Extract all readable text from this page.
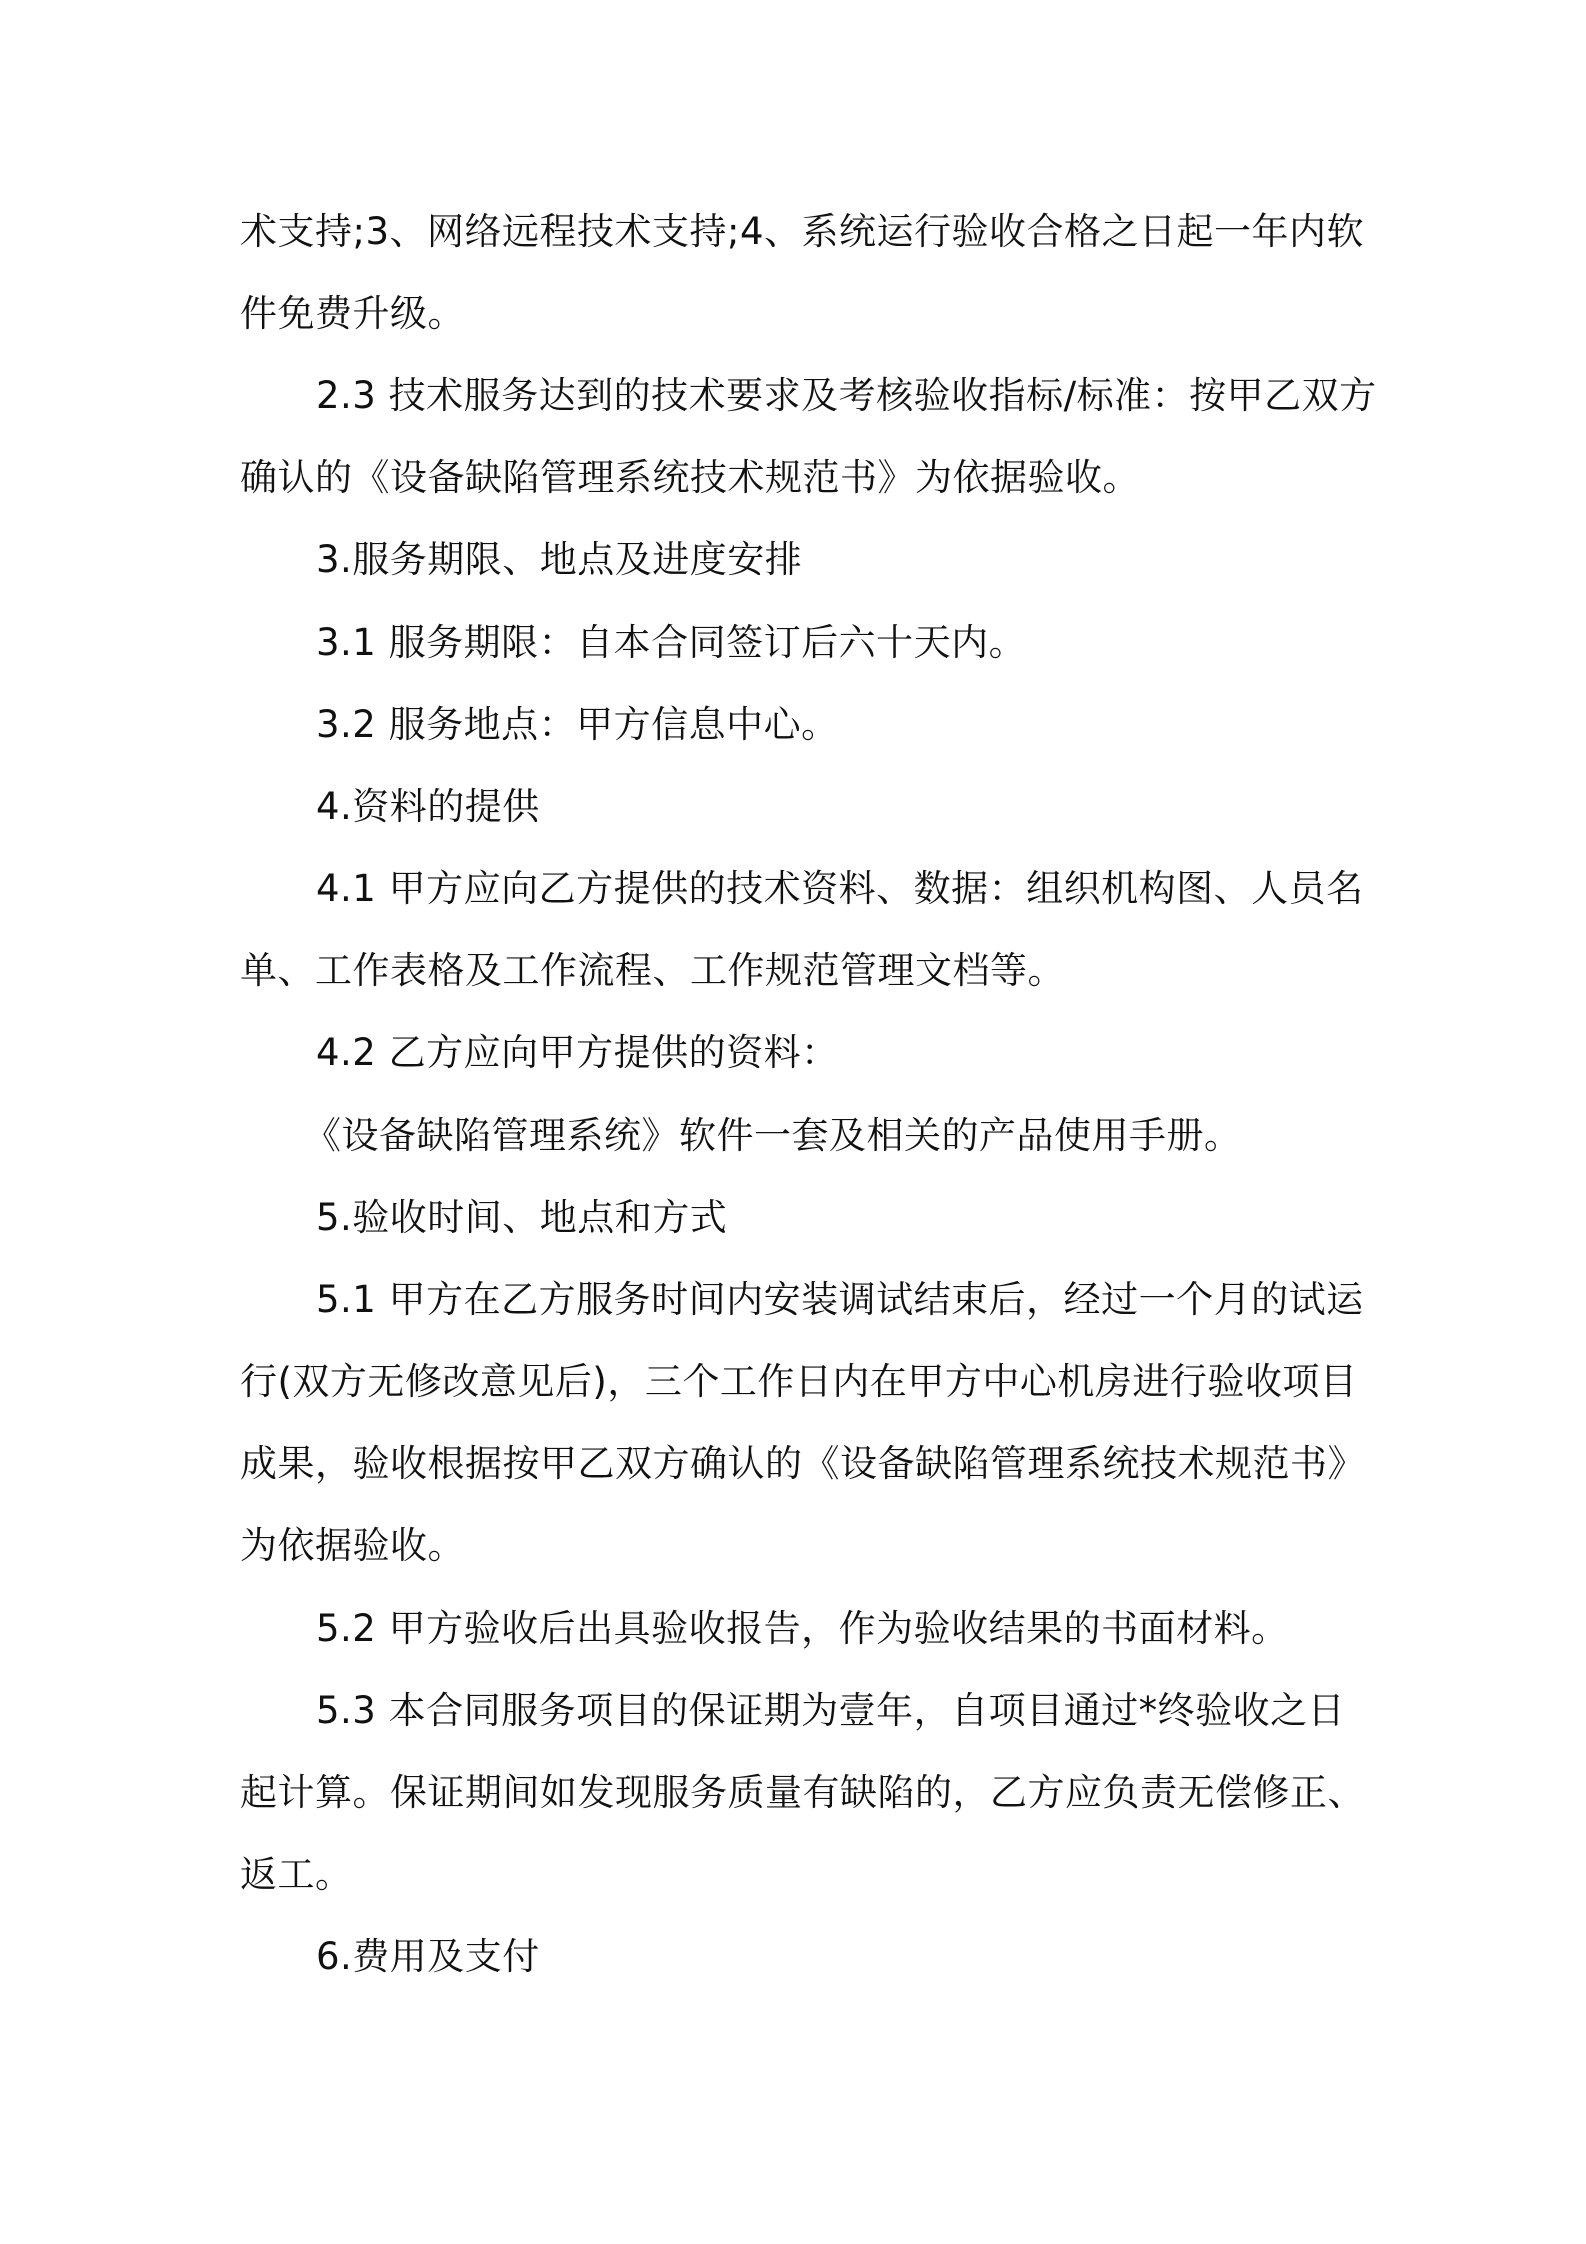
术支持;3、网络远程技术支持;4、系统运行验收合格之日起一年内软
件免费升级。
2.3 技术服务达到的技术要求及考核验收指标/标准：按甲乙双方
确认的《设备缺陷管理系统技术规范书》为依据验收。
3.服务期限、地点及进度安排
3.1 服务期限：自本合同签订后六十天内。
3.2 服务地点：甲方信息中心。
4.资料的提供
4.1 甲方应向乙方提供的技术资料、数据：组织机构图、人员名
单、工作表格及工作流程、工作规范管理文档等。
4.2 乙方应向甲方提供的资料：
《设备缺陷管理系统》软件一套及相关的产品使用手册。
5.验收时间、地点和方式
5.1 甲方在乙方服务时间内安装调试结束后，经过一个月的试运
行(双方无修改意见后)，三个工作日内在甲方中心机房进行验收项目
成果，验收根据按甲乙双方确认的《设备缺陷管理系统技术规范书》
为依据验收。
5.2 甲方验收后出具验收报告，作为验收结果的书面材料。
5.3 本合同服务项目的保证期为壹年，自项目通过*终验收之日
起计算。保证期间如发现服务质量有缺陷的，乙方应负责无偿修正、
返工。
6.费用及支付
